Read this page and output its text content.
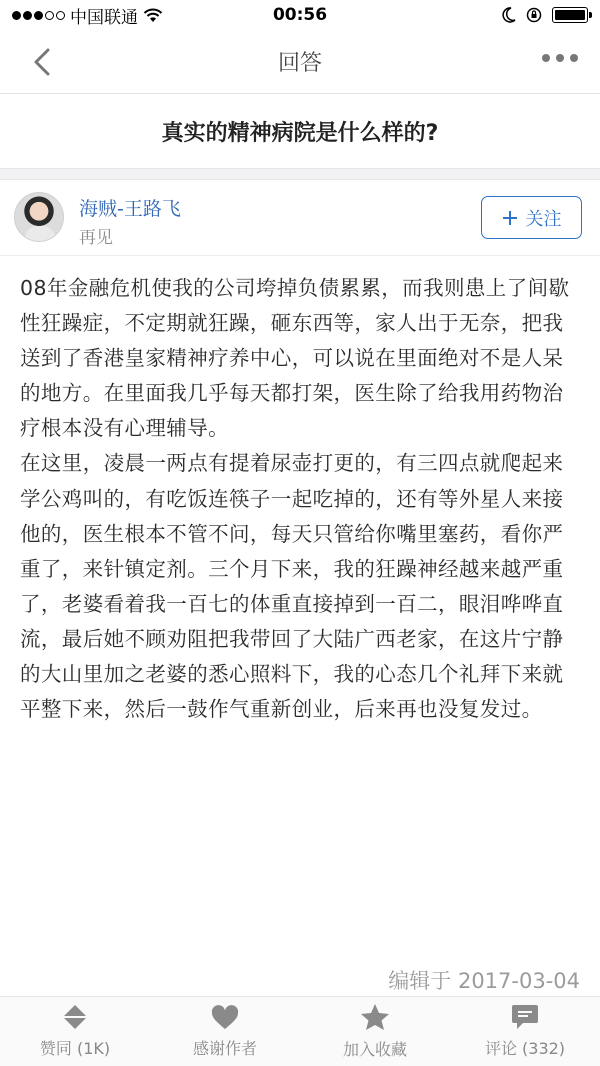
中国联通	00:56
回答
真实的精神病院是什么样的?
海贼-王路飞
再见
关注

08年金融危机使我的公司垮掉负债累累，而我则患上了间歇性狂躁症，不定期就狂躁，砸东西等，家人出于无奈，把我送到了香港皇家精神疗养中心，可以说在里面绝对不是人呆的地方。在里面我几乎每天都打架，医生除了给我用药物治疗根本没有心理辅导。

在这里，凌晨一两点有提着尿壶打更的，有三四点就爬起来学公鸡叫的，有吃饭连筷子一起吃掉的，还有等外星人来接他的，医生根本不管不问，每天只管给你嘴里塞药，看你严重了，来针镇定剂。三个月下来，我的狂躁神经越来越严重了，老婆看着我一百七的体重直接掉到一百二，眼泪哗哗直流，最后她不顾劝阻把我带回了大陆广西老家，在这片宁静的大山里加之老婆的悉心照料下，我的心态几个礼拜下来就平整下来，然后一鼓作气重新创业，后来再也没复发过。

编辑于 2017-03-04
赞同 (1K)	感谢作者	加入收藏	评论 (332)
